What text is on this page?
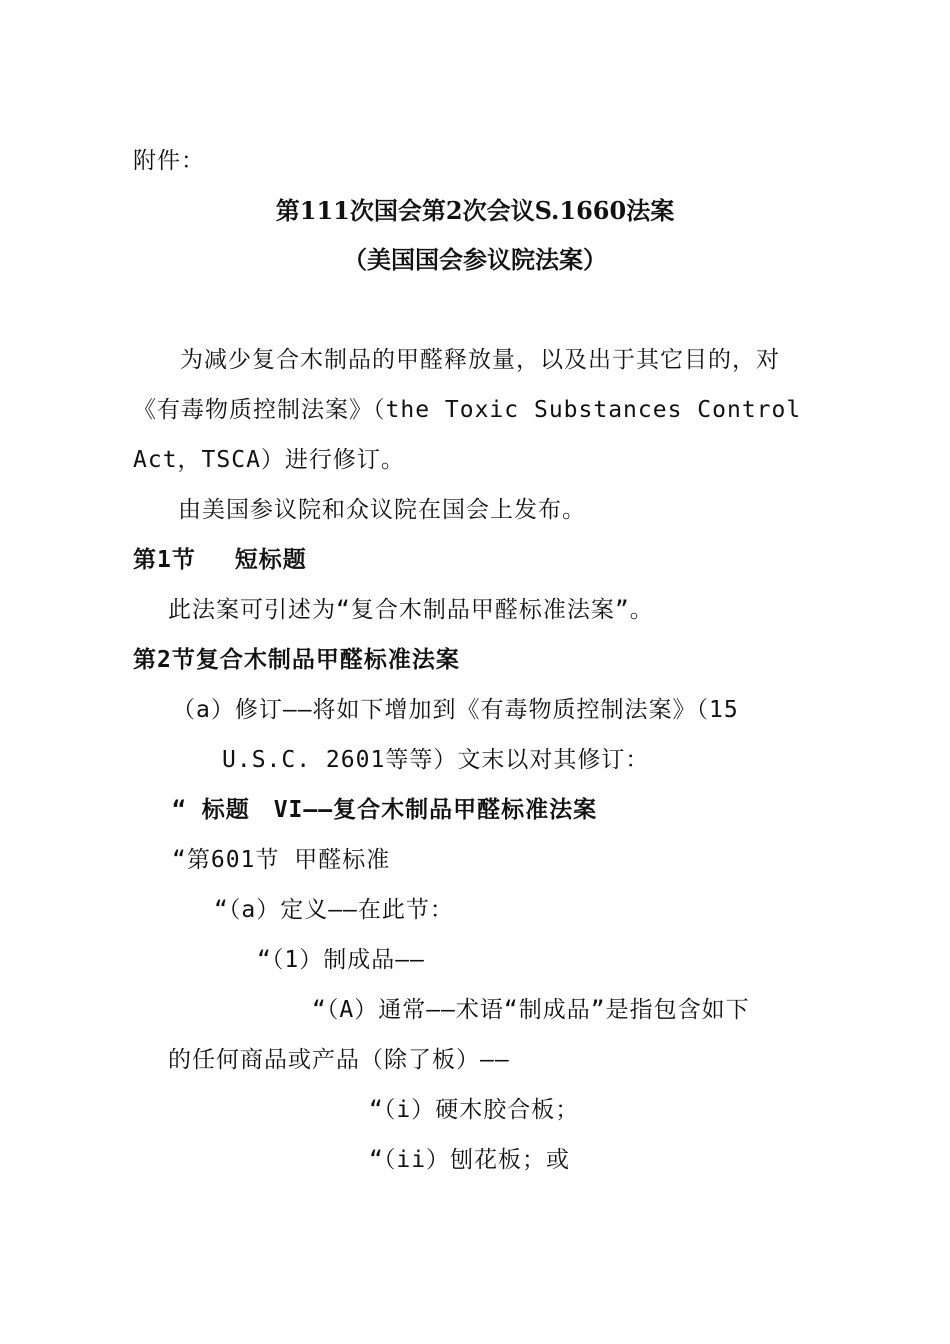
附件：
第111次国会第2次会议S.1660法案
（美国国会参议院法案）
为减少复合木制品的甲醛释放量，以及出于其它目的，对
《有毒物质控制法案》（the Toxic Substances Control
Act，TSCA）进行修订。
由美国参议院和众议院在国会上发布。
第1节　 短标题
此法案可引述为“复合木制品甲醛标准法案”。
第2节复合木制品甲醛标准法案
（a）修订——将如下增加到《有毒物质控制法案》（15
U.S.C. 2601等等）文末以对其修订：
“ 标题　VI——复合木制品甲醛标准法案
“第601节 甲醛标准
“（a）定义——在此节：
“（1）制成品——
“（A）通常——术语“制成品”是指包含如下
的任何商品或产品（除了板）——
“（i）硬木胶合板；
“（ii）刨花板；或
